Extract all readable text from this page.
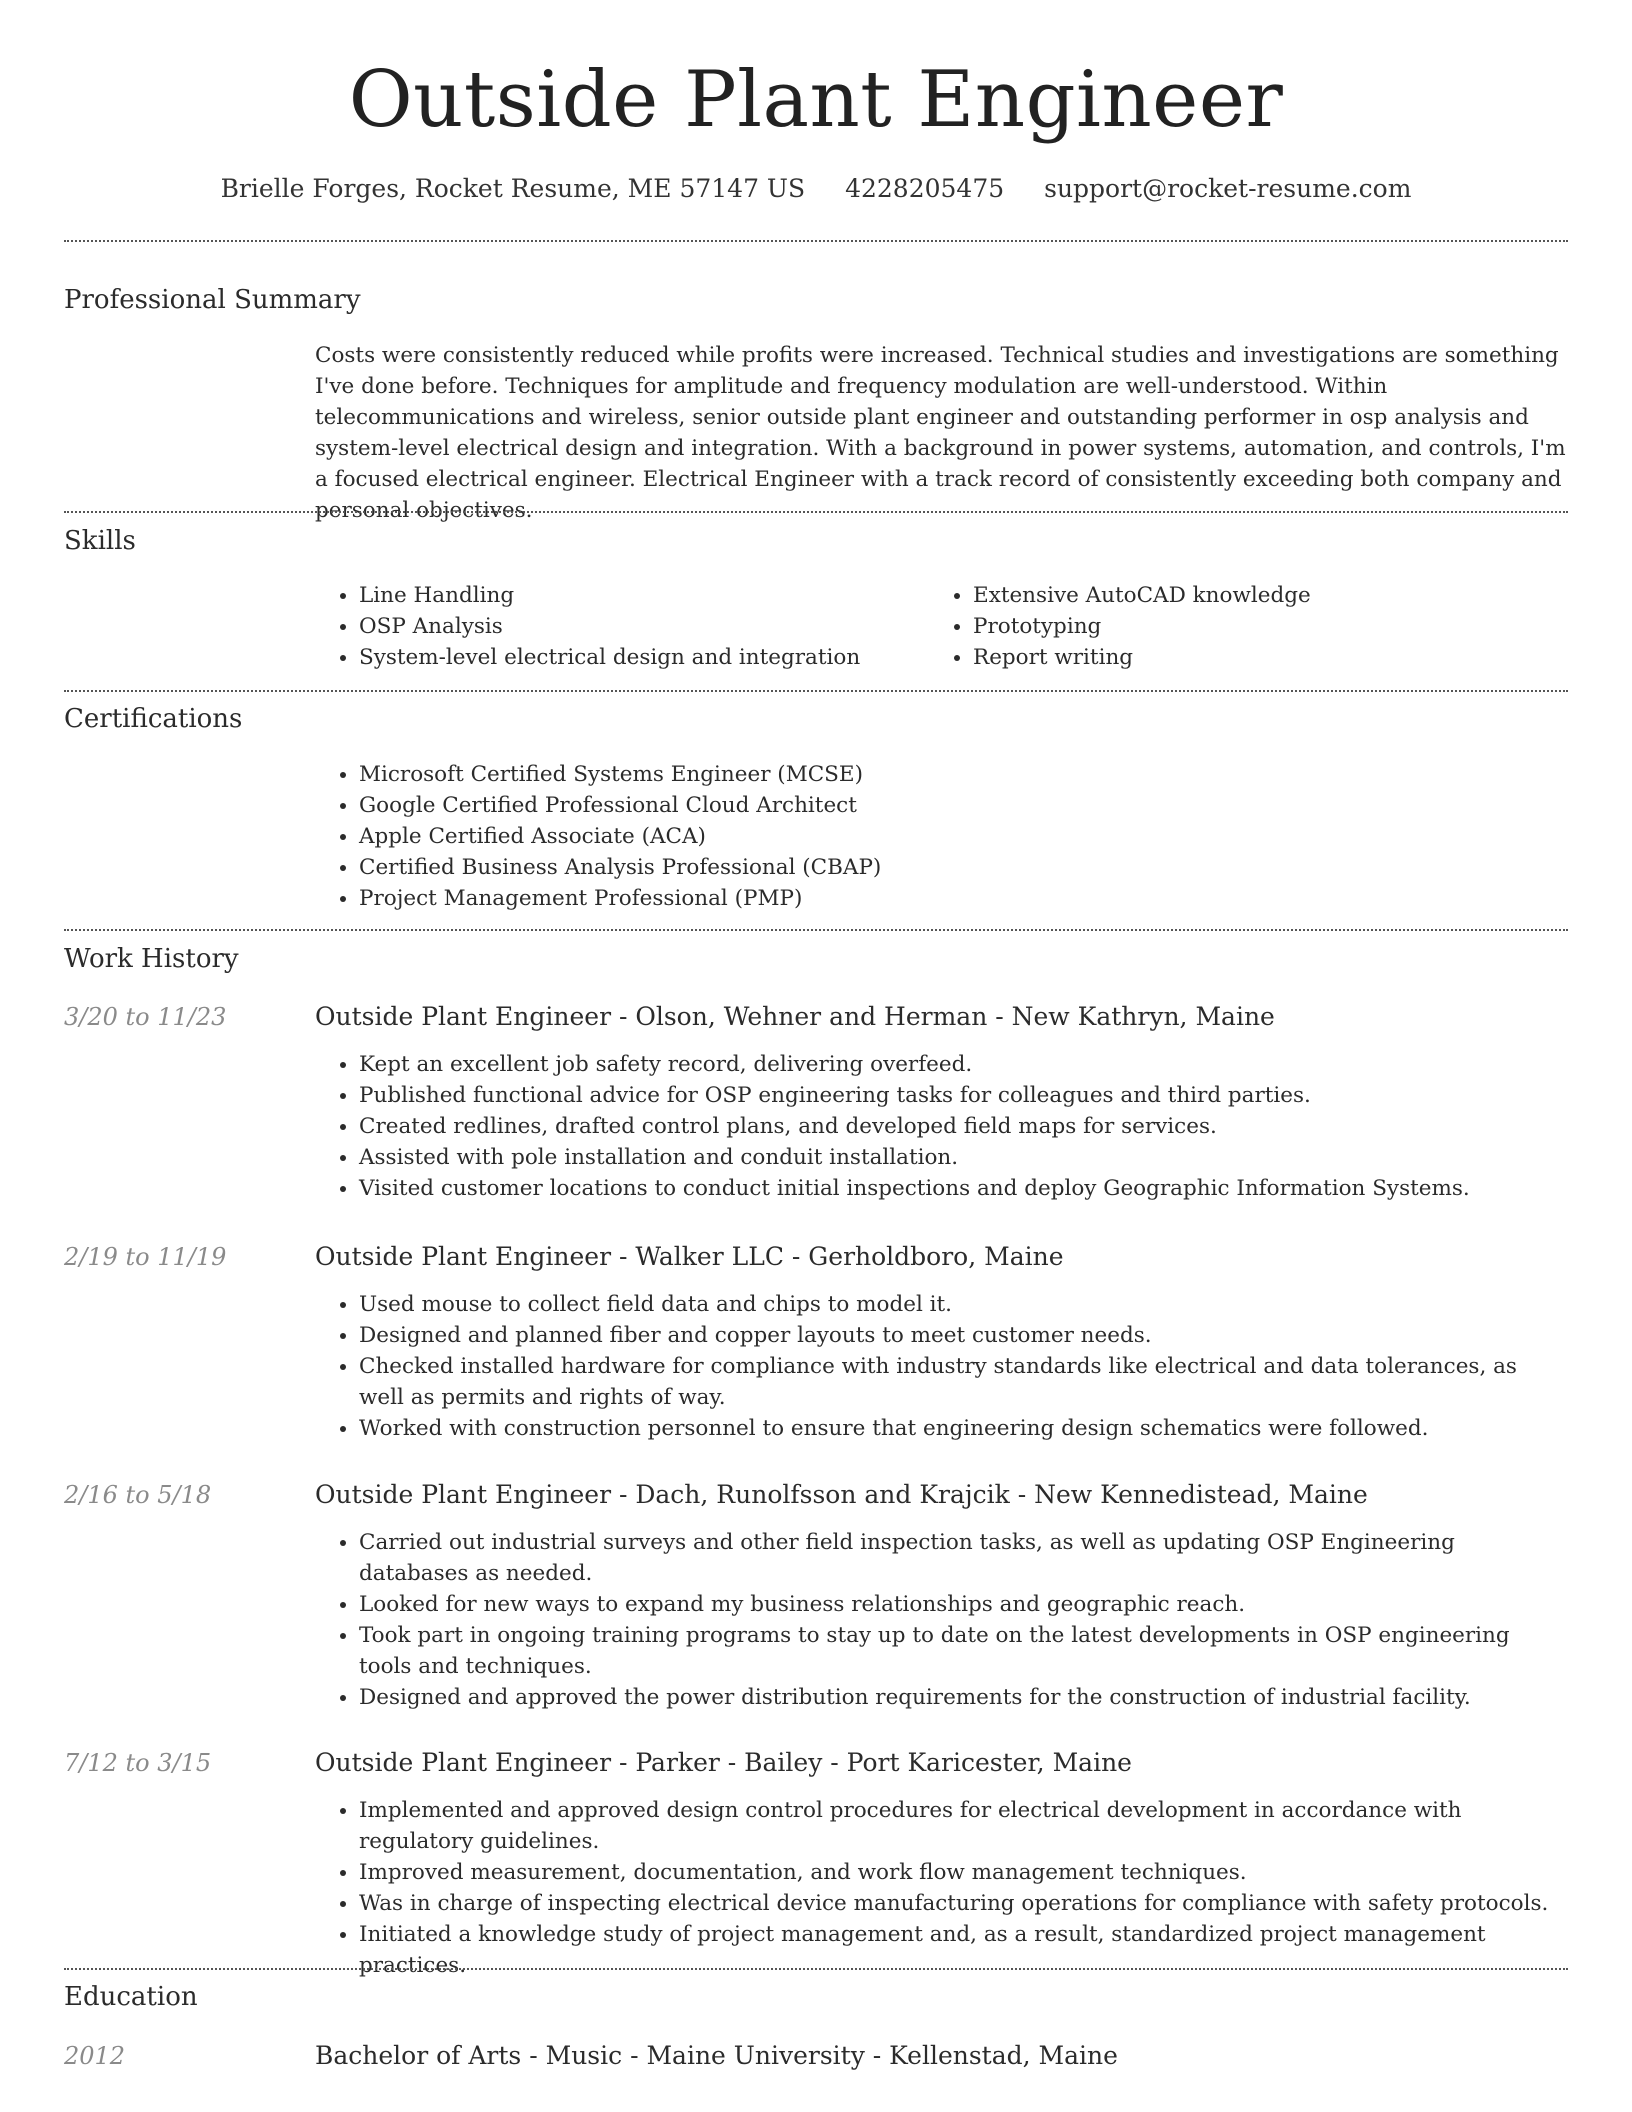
Outside Plant Engineer
Brielle Forges, Rocket Resume, ME 57147 US 4228205475 support@rocket-resume.com
Professional Summary
Costs were consistently reduced while profits were increased. Technical studies and investigations are something I've done before. Techniques for amplitude and frequency modulation are well-understood. Within telecommunications and wireless, senior outside plant engineer and outstanding performer in osp analysis and system-level electrical design and integration. With a background in power systems, automation, and controls, I'm a focused electrical engineer. Electrical Engineer with a track record of consistently exceeding both company and personal objectives.
Skills
• Line Handling
• OSP Analysis
• System-level electrical design and integration
• Extensive AutoCAD knowledge
• Prototyping
• Report writing
Certifications
• Microsoft Certified Systems Engineer (MCSE)
• Google Certified Professional Cloud Architect
• Apple Certified Associate (ACA)
• Certified Business Analysis Professional (CBAP)
• Project Management Professional (PMP)
Work History
3/20 to 11/23	Outside Plant Engineer - Olson, Wehner and Herman - New Kathryn, Maine
• Kept an excellent job safety record, delivering overfeed.
• Published functional advice for OSP engineering tasks for colleagues and third parties.
• Created redlines, drafted control plans, and developed field maps for services.
• Assisted with pole installation and conduit installation.
• Visited customer locations to conduct initial inspections and deploy Geographic Information Systems.
2/19 to 11/19	Outside Plant Engineer - Walker LLC - Gerholdboro, Maine
• Used mouse to collect field data and chips to model it.
• Designed and planned fiber and copper layouts to meet customer needs.
• Checked installed hardware for compliance with industry standards like electrical and data tolerances, as well as permits and rights of way.
• Worked with construction personnel to ensure that engineering design schematics were followed.
2/16 to 5/18	Outside Plant Engineer - Dach, Runolfsson and Krajcik - New Kennedistead, Maine
• Carried out industrial surveys and other field inspection tasks, as well as updating OSP Engineering databases as needed.
• Looked for new ways to expand my business relationships and geographic reach.
• Took part in ongoing training programs to stay up to date on the latest developments in OSP engineering tools and techniques.
• Designed and approved the power distribution requirements for the construction of industrial facility.
7/12 to 3/15	Outside Plant Engineer - Parker - Bailey - Port Karicester, Maine
• Implemented and approved design control procedures for electrical development in accordance with regulatory guidelines.
• Improved measurement, documentation, and work flow management techniques.
• Was in charge of inspecting electrical device manufacturing operations for compliance with safety protocols.
• Initiated a knowledge study of project management and, as a result, standardized project management practices.
Education
2012	Bachelor of Arts - Music - Maine University - Kellenstad, Maine
